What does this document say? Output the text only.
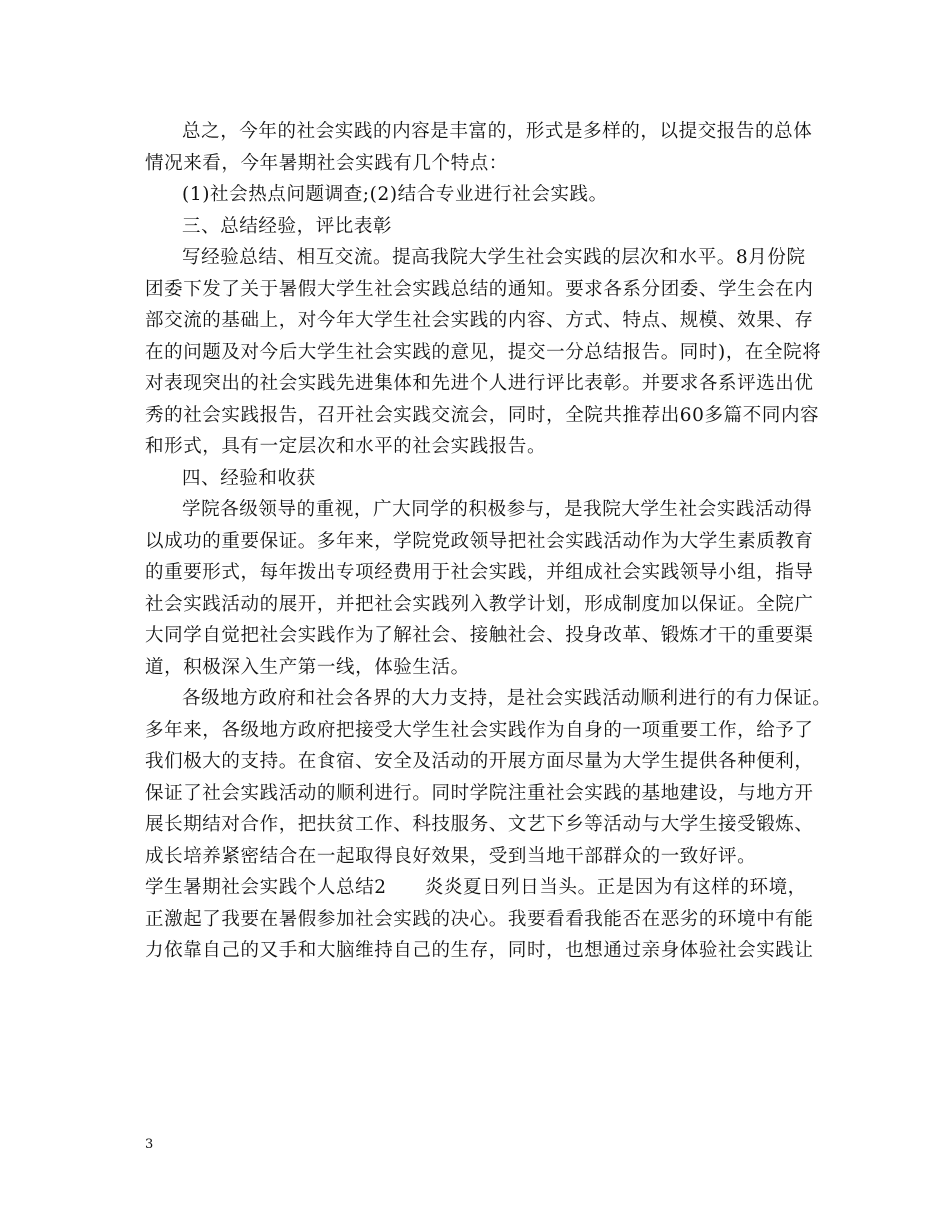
总之，今年的社会实践的内容是丰富的，形式是多样的，以提交报告的总体
情况来看，今年暑期社会实践有几个特点：
(1)社会热点问题调查;(2)结合专业进行社会实践。
三、总结经验，评比表彰
写经验总结、相互交流。提高我院大学生社会实践的层次和水平。8月份院
团委下发了关于暑假大学生社会实践总结的通知。要求各系分团委、学生会在内
部交流的基础上，对今年大学生社会实践的内容、方式、特点、规模、效果、存
在的问题及对今后大学生社会实践的意见，提交一分总结报告。同时)，在全院将
对表现突出的社会实践先进集体和先进个人进行评比表彰。并要求各系评选出优
秀的社会实践报告，召开社会实践交流会，同时，全院共推荐出60多篇不同内容
和形式，具有一定层次和水平的社会实践报告。
四、经验和收获
学院各级领导的重视，广大同学的积极参与，是我院大学生社会实践活动得
以成功的重要保证。多年来，学院党政领导把社会实践活动作为大学生素质教育
的重要形式，每年拨出专项经费用于社会实践，并组成社会实践领导小组，指导
社会实践活动的展开，并把社会实践列入教学计划，形成制度加以保证。全院广
大同学自觉把社会实践作为了解社会、接触社会、投身改革、锻炼才干的重要渠
道，积极深入生产第一线，体验生活。
各级地方政府和社会各界的大力支持，是社会实践活动顺利进行的有力保证。
多年来，各级地方政府把接受大学生社会实践作为自身的一项重要工作，给予了
我们极大的支持。在食宿、安全及活动的开展方面尽量为大学生提供各种便利，
保证了社会实践活动的顺利进行。同时学院注重社会实践的基地建设，与地方开
展长期结对合作，把扶贫工作、科技服务、文艺下乡等活动与大学生接受锻炼、
成长培养紧密结合在一起取得良好效果，受到当地干部群众的一致好评。
学生暑期社会实践个人总结2　　炎炎夏日列日当头。正是因为有这样的环境，
正激起了我要在暑假参加社会实践的决心。我要看看我能否在恶劣的环境中有能
力依靠自己的又手和大脑维持自己的生存，同时，也想通过亲身体验社会实践让
3
